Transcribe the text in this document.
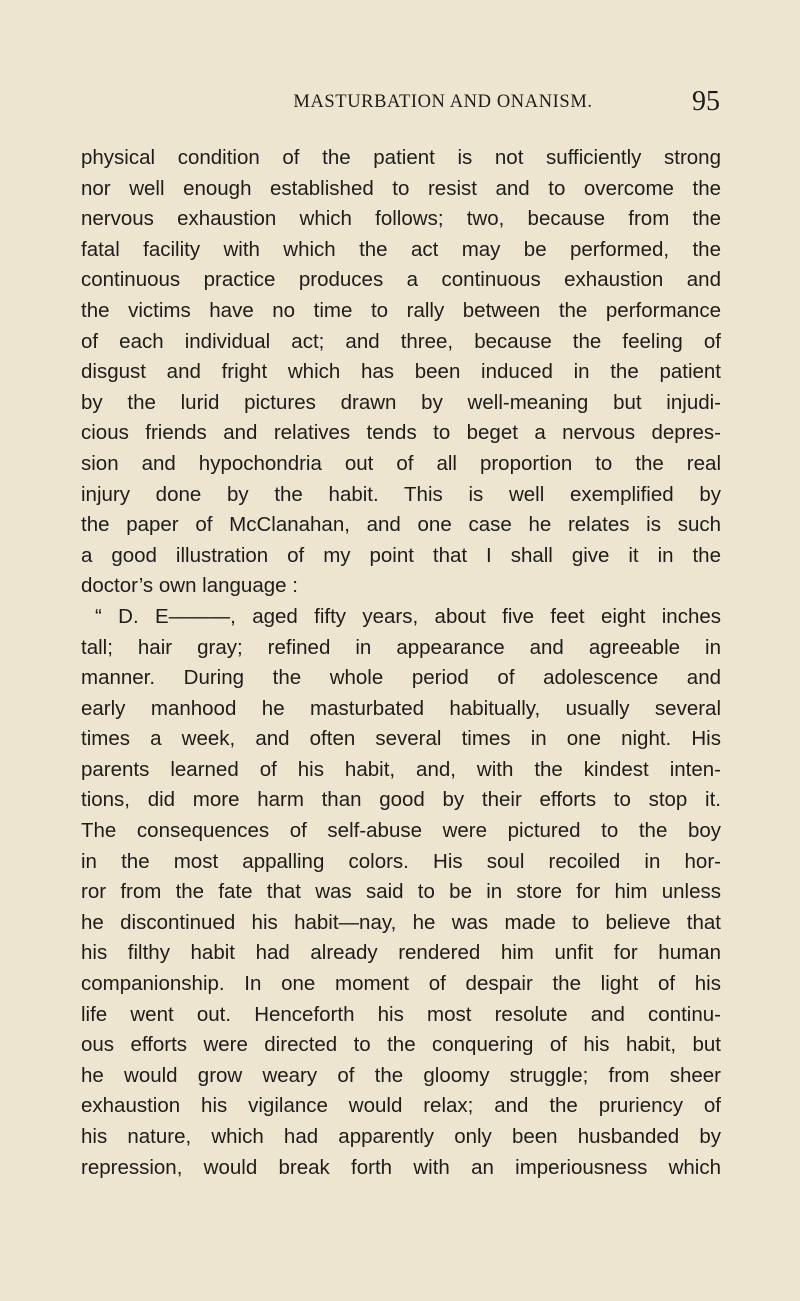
MASTURBATION AND ONANISM.	95
physical condition of the patient is not sufficiently strong
nor well enough established to resist and to overcome the
nervous exhaustion which follows; two, because from the
fatal facility with which the act may be performed, the
continuous practice produces a continuous exhaustion and
the victims have no time to rally between the performance
of each individual act; and three, because the feeling of
disgust and fright which has been induced in the patient
by the lurid pictures drawn by well-meaning but injudi-
cious friends and relatives tends to beget a nervous depres-
sion and hypochondria out of all proportion to the real
injury done by the habit. This is well exemplified by
the paper of McClanahan, and one case he relates is such
a good illustration of my point that I shall give it in the
doctor’s own language :
“ D. E———, aged fifty years, about five feet eight inches
tall; hair gray; refined in appearance and agreeable in
manner. During the whole period of adolescence and
early manhood he masturbated habitually, usually several
times a week, and often several times in one night. His
parents learned of his habit, and, with the kindest inten-
tions, did more harm than good by their efforts to stop it.
The consequences of self-abuse were pictured to the boy
in the most appalling colors. His soul recoiled in hor-
ror from the fate that was said to be in store for him unless
he discontinued his habit—nay, he was made to believe that
his filthy habit had already rendered him unfit for human
companionship. In one moment of despair the light of his
life went out. Henceforth his most resolute and continu-
ous efforts were directed to the conquering of his habit, but
he would grow weary of the gloomy struggle; from sheer
exhaustion his vigilance would relax; and the pruriency of
his nature, which had apparently only been husbanded by
repression, would break forth with an imperiousness which
